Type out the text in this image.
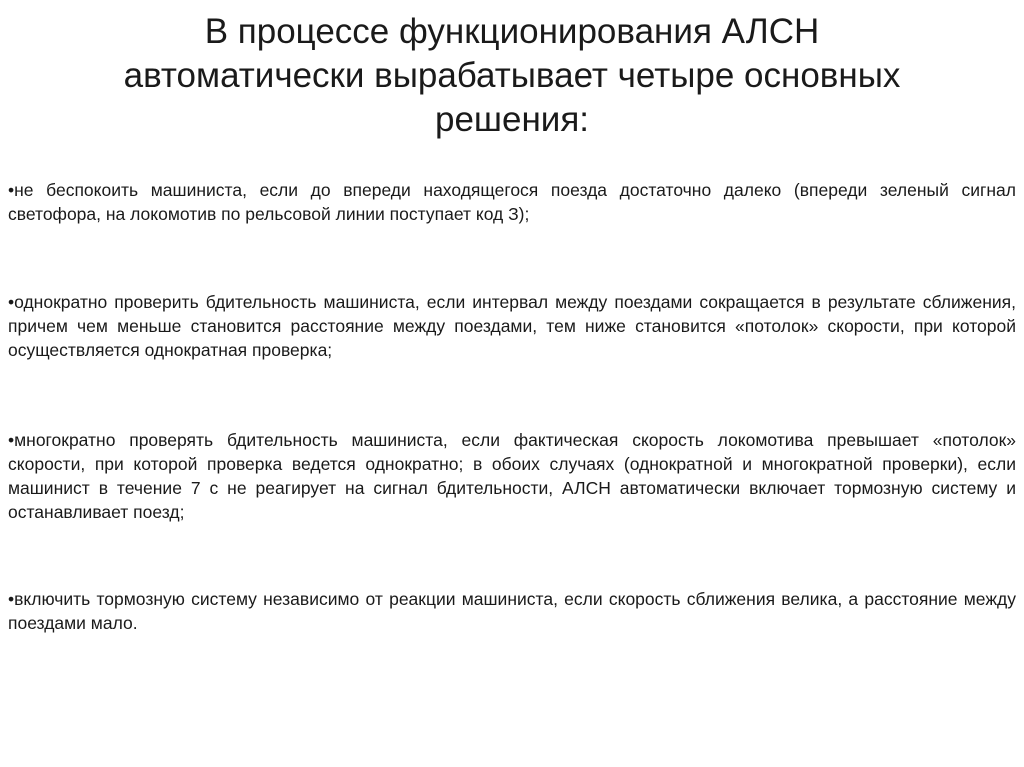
В процессе функционирования АЛСН
автоматически вырабатывает четыре основных
решения:

•не беспокоить машиниста, если до впереди находящегося поезда достаточно далеко (впереди зеленый сигнал светофора, на локомотив по рельсовой линии поступает код З);

•однократно проверить бдительность машиниста, если интервал между поездами сокращается в результате сближения, причем чем меньше становится расстояние между поездами, тем ниже становится «потолок» скорости, при которой осуществляется однократная проверка;

•многократно проверять бдительность машиниста, если фактическая скорость локомотива превышает «потолок» скорости, при которой проверка ведется однократно; в обоих случаях (однократной и многократной проверки), если машинист в течение 7 с не реагирует на сигнал бдительности, АЛСН автоматически включает тормозную систему и останавливает поезд;

•включить тормозную систему независимо от реакции машиниста, если скорость сближения велика, а расстояние между поездами мало.
